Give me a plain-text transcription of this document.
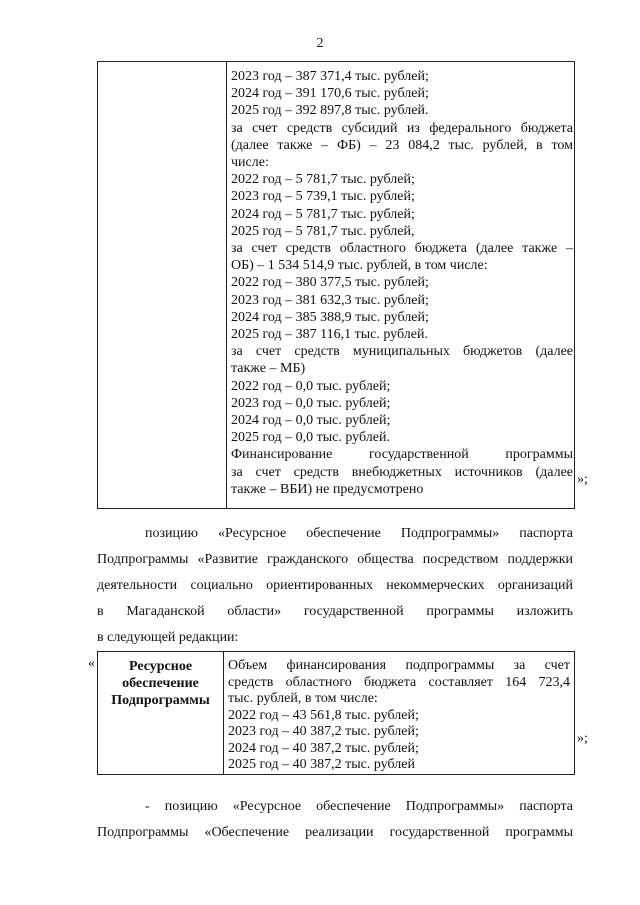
2
2023 год – 387 371,4 тыс. рублей;
2024 год – 391 170,6 тыс. рублей;
2025 год – 392 897,8 тыс. рублей.
за счет средств субсидий из федерального бюджета
(далее также – ФБ) – 23 084,2 тыс. рублей, в том
числе:
2022 год – 5 781,7 тыс. рублей;
2023 год – 5 739,1 тыс. рублей;
2024 год – 5 781,7 тыс. рублей;
2025 год – 5 781,7 тыс. рублей,
за счет средств областного бюджета (далее также –
ОБ) – 1 534 514,9 тыс. рублей, в том числе:
2022 год – 380 377,5 тыс. рублей;
2023 год – 381 632,3 тыс. рублей;
2024 год – 385 388,9 тыс. рублей;
2025 год – 387 116,1 тыс. рублей.
за счет средств муниципальных бюджетов (далее
также – МБ)
2022 год – 0,0 тыс. рублей;
2023 год – 0,0 тыс. рублей;
2024 год – 0,0 тыс. рублей;
2025 год – 0,0 тыс. рублей.
Финансирование государственной программы
за счет средств внебюджетных источников (далее
также – ВБИ) не предусмотрено
»;
позицию «Ресурсное обеспечение Подпрограммы» паспорта
Подпрограммы «Развитие гражданского общества посредством поддержки
деятельности социально ориентированных некоммерческих организаций
в Магаданской области» государственной программы изложить
в следующей редакции:
«	Ресурсное
обеспечение
Подпрограммы
Объем финансирования подпрограммы за счет
средств областного бюджета составляет 164 723,4
тыс. рублей, в том числе:
2022 год – 43 561,8 тыс. рублей;
2023 год – 40 387,2 тыс. рублей;
2024 год – 40 387,2 тыс. рублей;
2025 год – 40 387,2 тыс. рублей
»;
- позицию «Ресурсное обеспечение Подпрограммы» паспорта
Подпрограммы «Обеспечение реализации государственной программы
